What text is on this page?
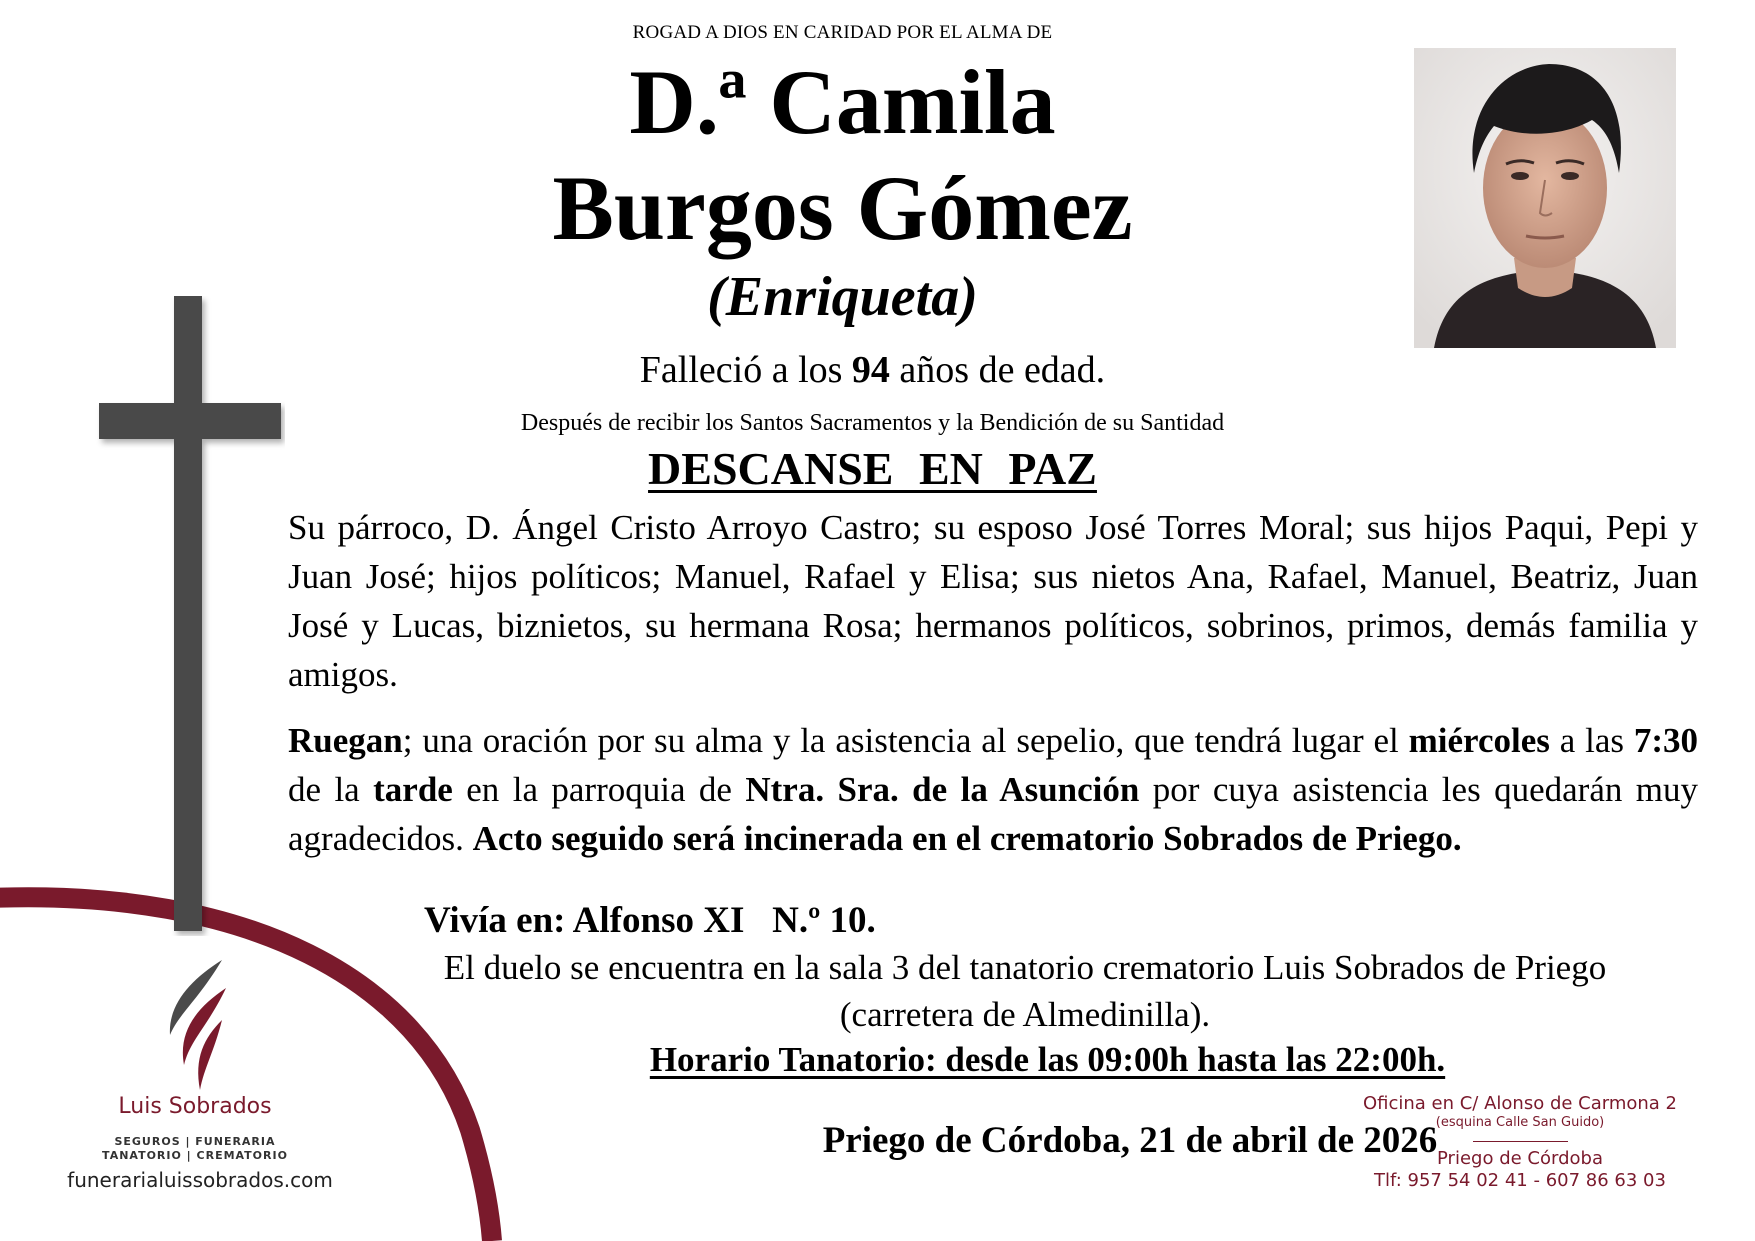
ROGAD A DIOS EN CARIDAD POR EL ALMA DE
D.ª Camila
Burgos Gómez
(Enriqueta)
Falleció a los 94 años de edad.
Después de recibir los Santos Sacramentos y la Bendición de su Santidad
DESCANSE EN PAZ
Su párroco, D. Ángel Cristo Arroyo Castro; su esposo José Torres Moral; sus hijos Paqui, Pepi y Juan José; hijos políticos; Manuel, Rafael y Elisa; sus nietos Ana, Rafael, Manuel, Beatriz, Juan José y Lucas, biznietos, su hermana Rosa; hermanos políticos, sobrinos, primos, demás familia y amigos.
Ruegan; una oración por su alma y la asistencia al sepelio, que tendrá lugar el miércoles a las 7:30 de la tarde en la parroquia de Ntra. Sra. de la Asunción por cuya asistencia les quedarán muy agradecidos. Acto seguido será incinerada en el crematorio Sobrados de Priego.
Vivía en: Alfonso XI   N.º 10.
El duelo se encuentra en la sala 3 del tanatorio crematorio Luis Sobrados de Priego
(carretera de Almedinilla).
Horario Tanatorio: desde las 09:00h hasta las 22:00h.
Priego de Córdoba, 21 de abril de 2026
Luis Sobrados
SEGUROS | FUNERARIA
TANATORIO | CREMATORIO
funerarialuissobrados.com
Oficina en C/ Alonso de Carmona 2
(esquina Calle San Guido)
Priego de Córdoba
Tlf: 957 54 02 41 - 607 86 63 03
